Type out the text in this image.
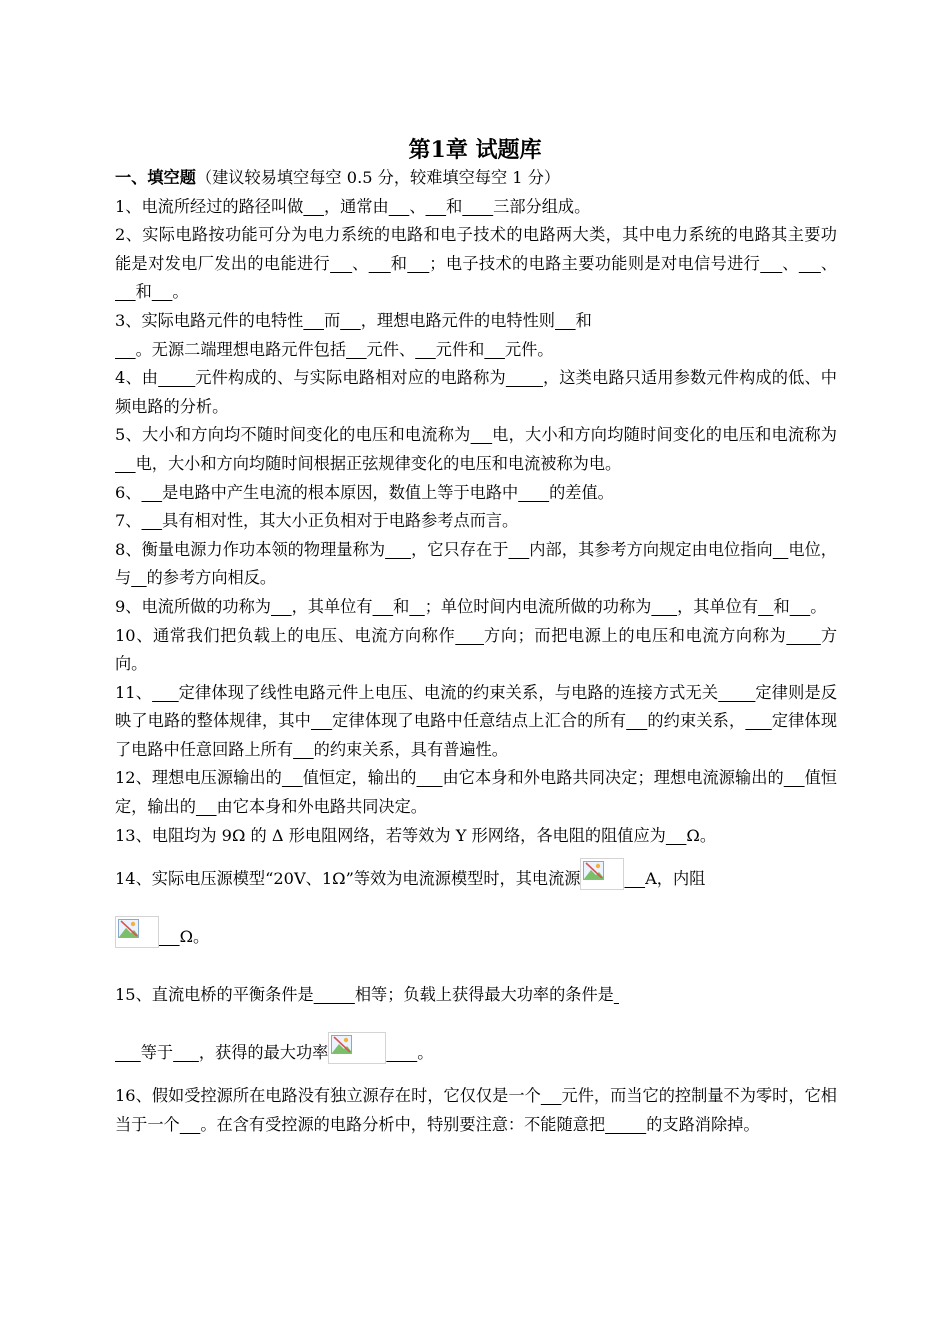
第1章 试题库

一、填空题（建议较易填空每空 0.5 分，较难填空每空 1 分）

1、电流所经过的路径叫做 ，通常由 、 和 三部分组成。

2、实际电路按功能可分为电力系统的电路和电子技术的电路两大类，其中电力系统的电路其主要功能是对发电厂发出的电能进行 、 和 ；电子技术的电路主要功能则是对电信号进行 、 、    和 。

3、实际电路元件的电特性 而 ，理想电路元件的电特性则 和
。无源二端理想电路元件包括 元件、 元件和 元件。

4、由 元件构成的、与实际电路相对应的电路称为 ，这类电路只适用参数元件构成的低、中频电路的分析。

5、大小和方向均不随时间变化的电压和电流称为 电，大小和方向均随时间变化的电压和电流称为    电，大小和方向均随时间根据正弦规律变化的电压和电流被称为电。

6、 是电路中产生电流的根本原因，数值上等于电路中 的差值。

7、 具有相对性，其大小正负相对于电路参考点而言。

8、衡量电源力作功本领的物理量称为 ，它只存在于 内部，其参考方向规定由电位指向 电位，与 的参考方向相反。

9、电流所做的功称为 ，其单位有 和 ；单位时间内电流所做的功称为 ，其单位有 和 。

10、通常我们把负载上的电压、电流方向称作 方向；而把电源上的电压和电流方向称为 方向。

11、 定律体现了线性电路元件上电压、电流的约束关系，与电路的连接方式无关 定律则是反映了电路的整体规律，其中 定律体现了电路中任意结点上汇合的所有 的约束关系， 定律体现了电路中任意回路上所有 的约束关系，具有普遍性。

12、理想电压源输出的 值恒定，输出的 由它本身和外电路共同决定；理想电流源输出的 值恒定，输出的 由它本身和外电路共同决定。

13、电阻均为 9Ω 的 Δ 形电阻网络，若等效为 Y 形网络，各电阻的阻值应为 Ω。

14、实际电压源模型“20V、1Ω”等效为电流源模型时，其电流源	A，内阻

Ω。

15、直流电桥的平衡条件是	相等；负载上获得最大功率的条件是
等于 ，获得的最大功率	。

16、假如受控源所在电路没有独立源存在时，它仅仅是一个 元件，而当它的控制量不为零时，它相当于一个 。在含有受控源的电路分析中，特别要注意：不能随意把	的支路消除掉。
